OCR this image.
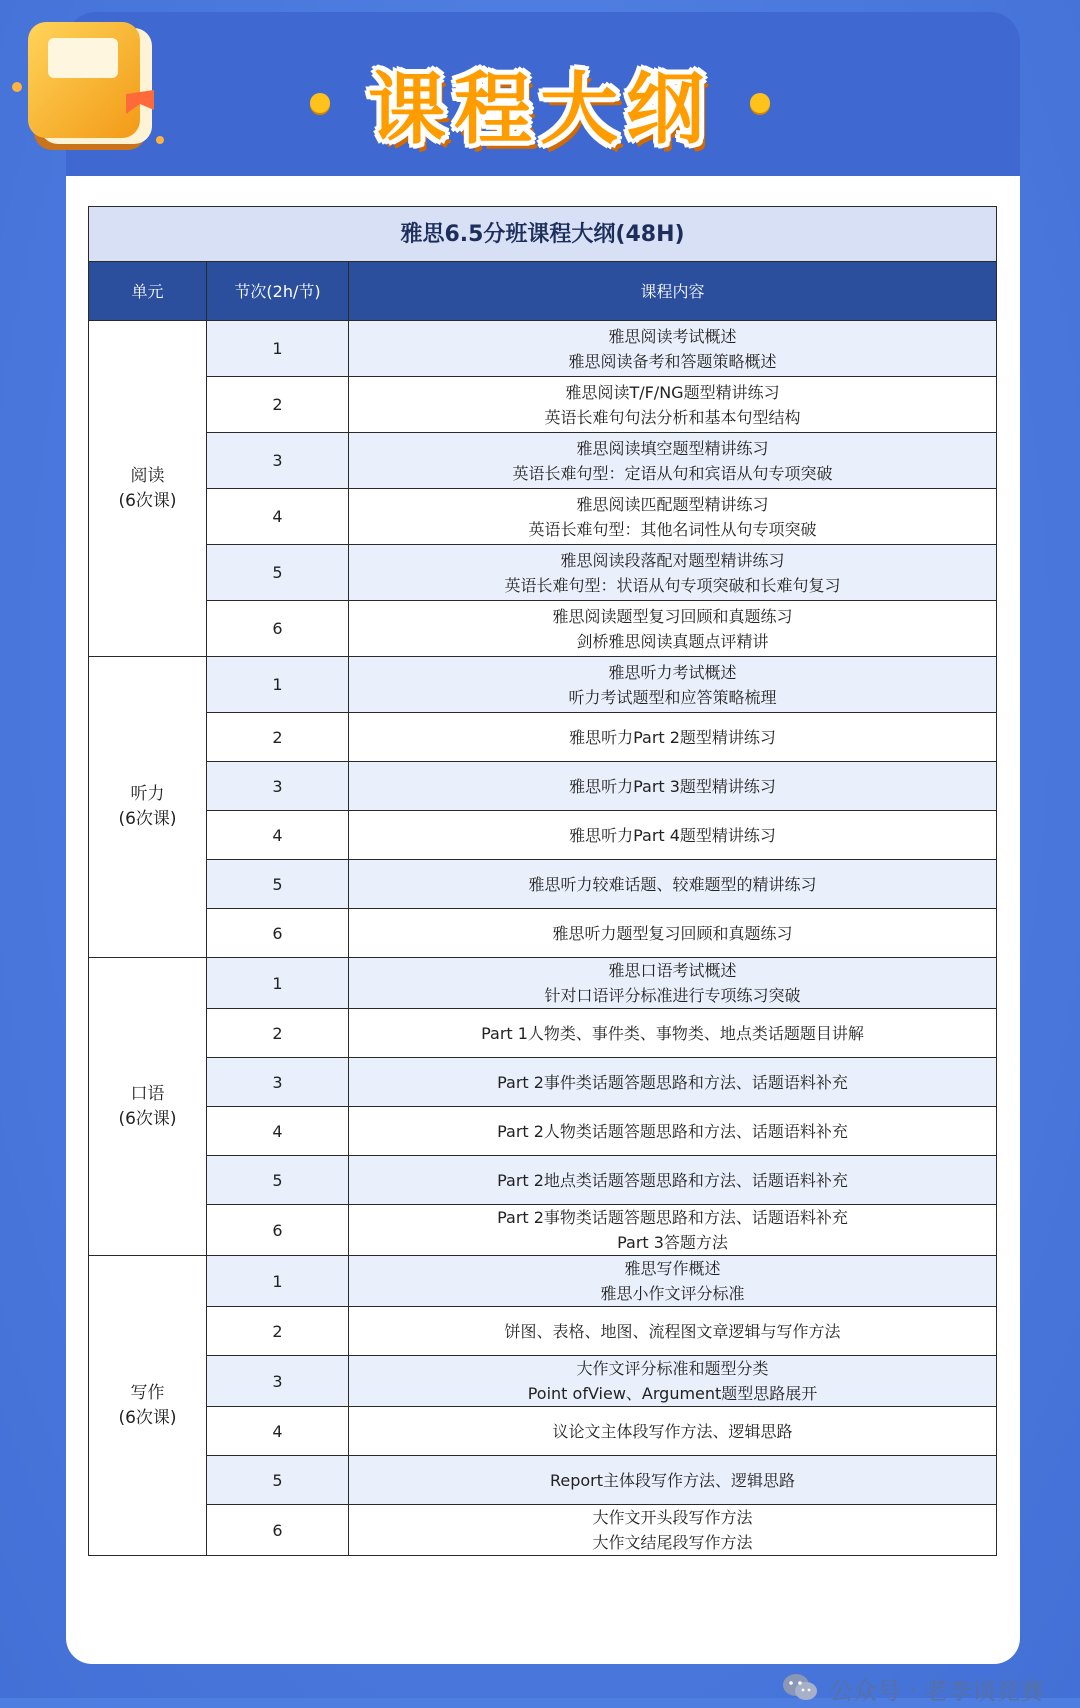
课程大纲
雅思6.5分班课程大纲(48H)		
单元	节次(2h/节)	课程内容

阅读
(6次课)	1	雅思阅读考试概述
雅思阅读备考和答题策略概述

	2	雅思阅读T/F/NG题型精讲练习
英语长难句句法分析和基本句型结构

	3	雅思阅读填空题型精讲练习
英语长难句型：定语从句和宾语从句专项突破

	4	雅思阅读匹配题型精讲练习
英语长难句型：其他名词性从句专项突破

	5	雅思阅读段落配对题型精讲练习
英语长难句型：状语从句专项突破和长难句复习

	6	雅思阅读题型复习回顾和真题练习
剑桥雅思阅读真题点评精讲

听力
(6次课)	1	雅思听力考试概述
听力考试题型和应答策略梳理

	2	雅思听力Part 2题型精讲练习

	3	雅思听力Part 3题型精讲练习

	4	雅思听力Part 4题型精讲练习

	5	雅思听力较难话题、较难题型的精讲练习

	6	雅思听力题型复习回顾和真题练习

口语
(6次课)	1	雅思口语考试概述
针对口语评分标准进行专项练习突破

	2	Part 1人物类、事件类、事物类、地点类话题题目讲解

	3	Part 2事件类话题答题思路和方法、话题语料补充

	4	Part 2人物类话题答题思路和方法、话题语料补充

	5	Part 2地点类话题答题思路和方法、话题语料补充

	6	Part 2事物类话题答题思路和方法、话题语料补充
Part 3答题方法

写作
(6次课)	1	雅思写作概述
雅思小作文评分标准

	2	饼图、表格、地图、流程图文章逻辑与写作方法

	3	大作文评分标准和题型分类
Point ofView、Argument题型思路展开

	4	议论文主体段写作方法、逻辑思路

	5	Report主体段写作方法、逻辑思路

	6	大作文开头段写作方法
大作文结尾段写作方法
公众号 · 老李谈竞赛
